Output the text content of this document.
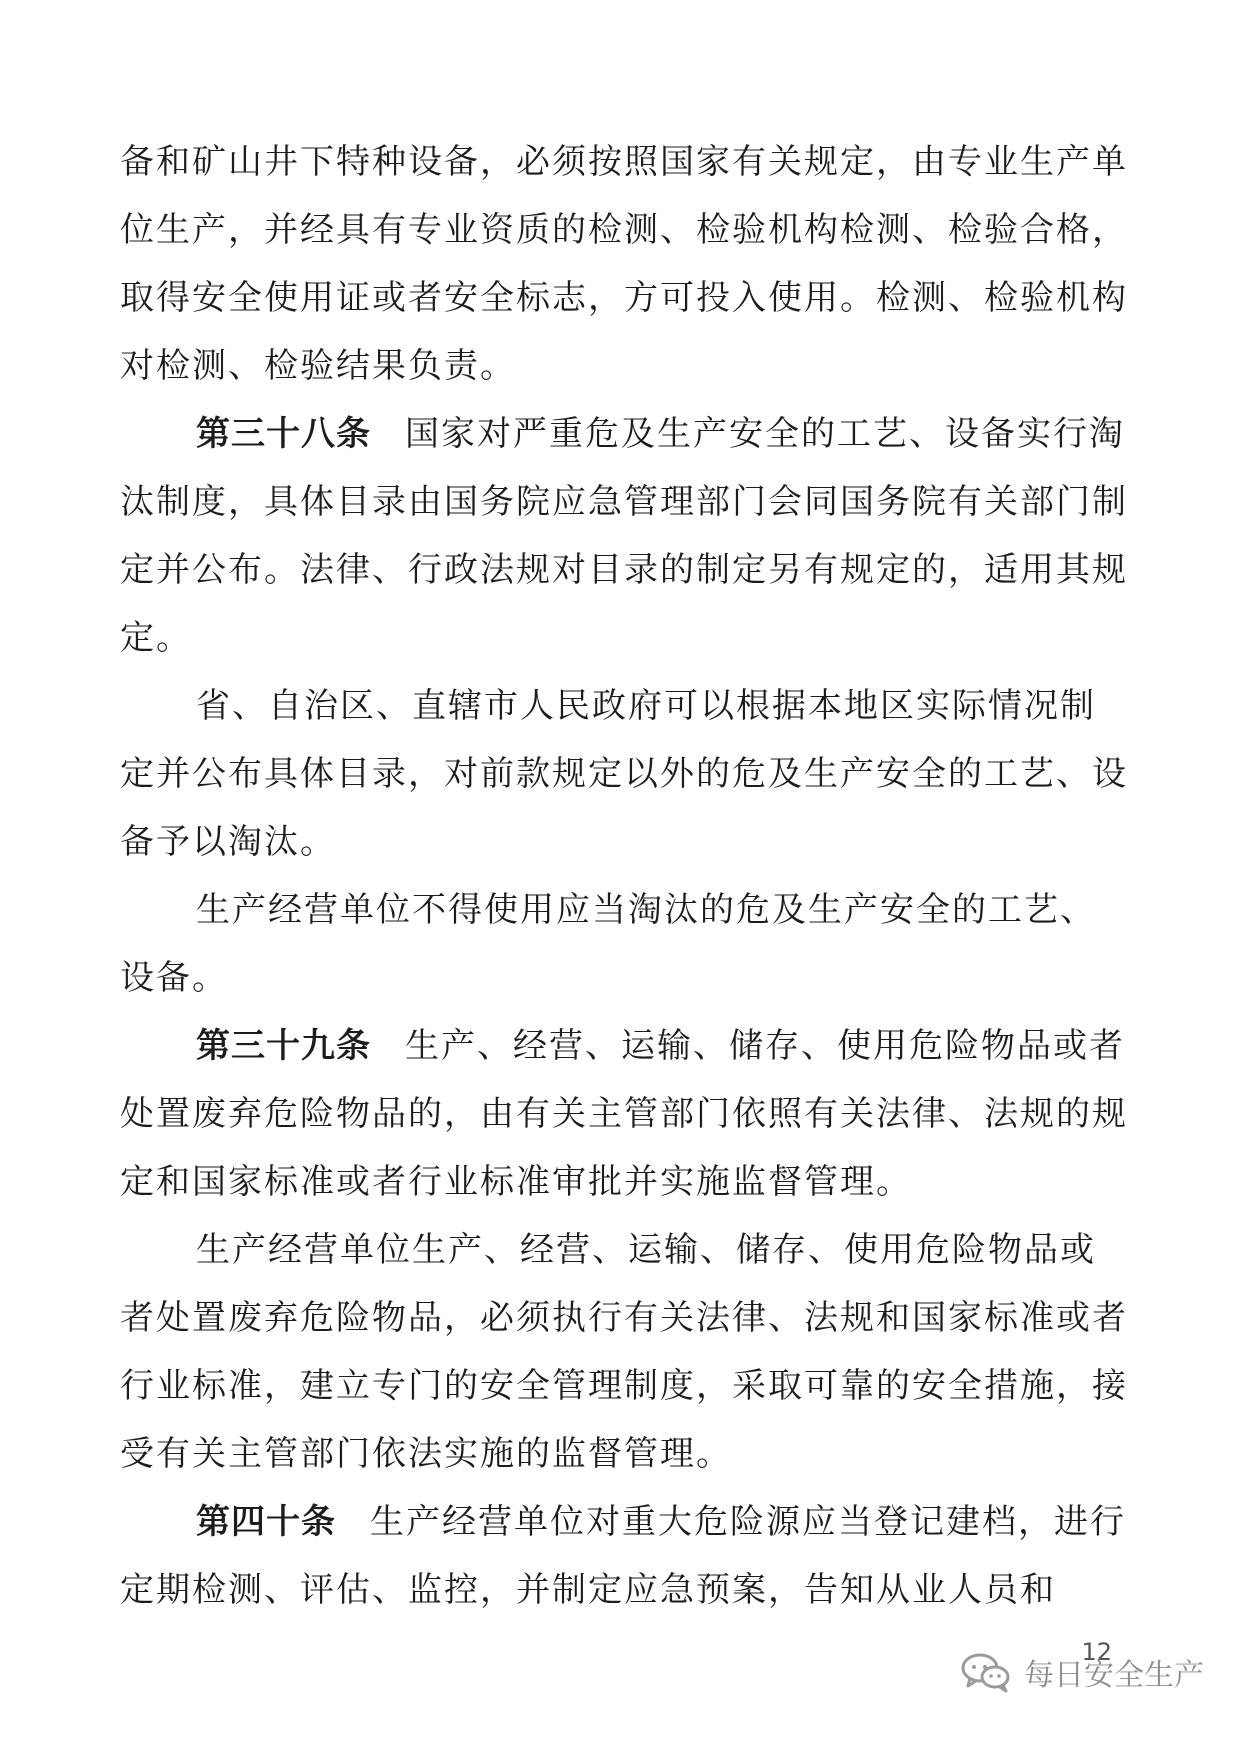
备和矿山井下特种设备，必须按照国家有关规定，由专业生产单位生产，并经具有专业资质的检测、检验机构检测、检验合格，取得安全使用证或者安全标志，方可投入使用。检测、检验机构对检测、检验结果负责。

第三十八条 国家对严重危及生产安全的工艺、设备实行淘汰制度，具体目录由国务院应急管理部门会同国务院有关部门制定并公布。法律、行政法规对目录的制定另有规定的，适用其规定。

省、自治区、直辖市人民政府可以根据本地区实际情况制定并公布具体目录，对前款规定以外的危及生产安全的工艺、设备予以淘汰。

生产经营单位不得使用应当淘汰的危及生产安全的工艺、设备。

第三十九条 生产、经营、运输、储存、使用危险物品或者处置废弃危险物品的，由有关主管部门依照有关法律、法规的规定和国家标准或者行业标准审批并实施监督管理。

生产经营单位生产、经营、运输、储存、使用危险物品或者处置废弃危险物品，必须执行有关法律、法规和国家标准或者行业标准，建立专门的安全管理制度，采取可靠的安全措施，接受有关主管部门依法实施的监督管理。

第四十条 生产经营单位对重大危险源应当登记建档，进行定期检测、评估、监控，并制定应急预案，告知从业人员和

12
每日安全生产
